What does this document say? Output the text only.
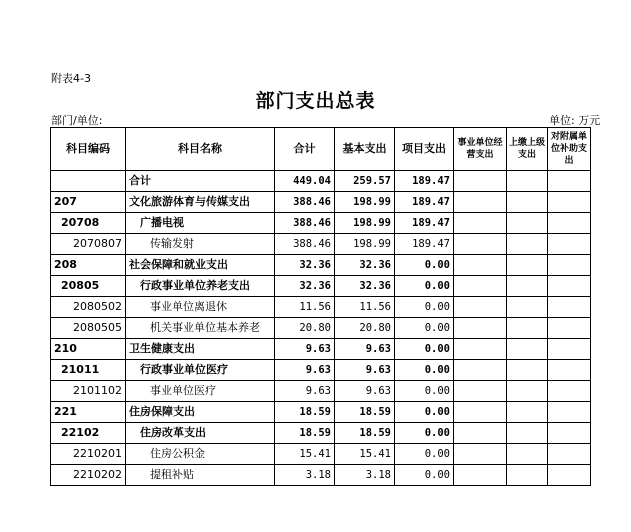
附表4-3
部门支出总表
部门/单位:	单位: 万元
科目编码	科目名称	合计	基本支出	项目支出	事业单位经营支出	上缴上级支出	对附属单位补助支出
	合计	449.04	259.57	189.47			
207	文化旅游体育与传媒支出	388.46	198.99	189.47			
20708	广播电视	388.46	198.99	189.47			
2070807	传输发射	388.46	198.99	189.47			
208	社会保障和就业支出	32.36	32.36	0.00			
20805	行政事业单位养老支出	32.36	32.36	0.00			
2080502	事业单位离退休	11.56	11.56	0.00			
2080505	机关事业单位基本养老	20.80	20.80	0.00			
210	卫生健康支出	9.63	9.63	0.00			
21011	行政事业单位医疗	9.63	9.63	0.00			
2101102	事业单位医疗	9.63	9.63	0.00			
221	住房保障支出	18.59	18.59	0.00			
22102	住房改革支出	18.59	18.59	0.00			
2210201	住房公积金	15.41	15.41	0.00			
2210202	提租补贴	3.18	3.18	0.00			
